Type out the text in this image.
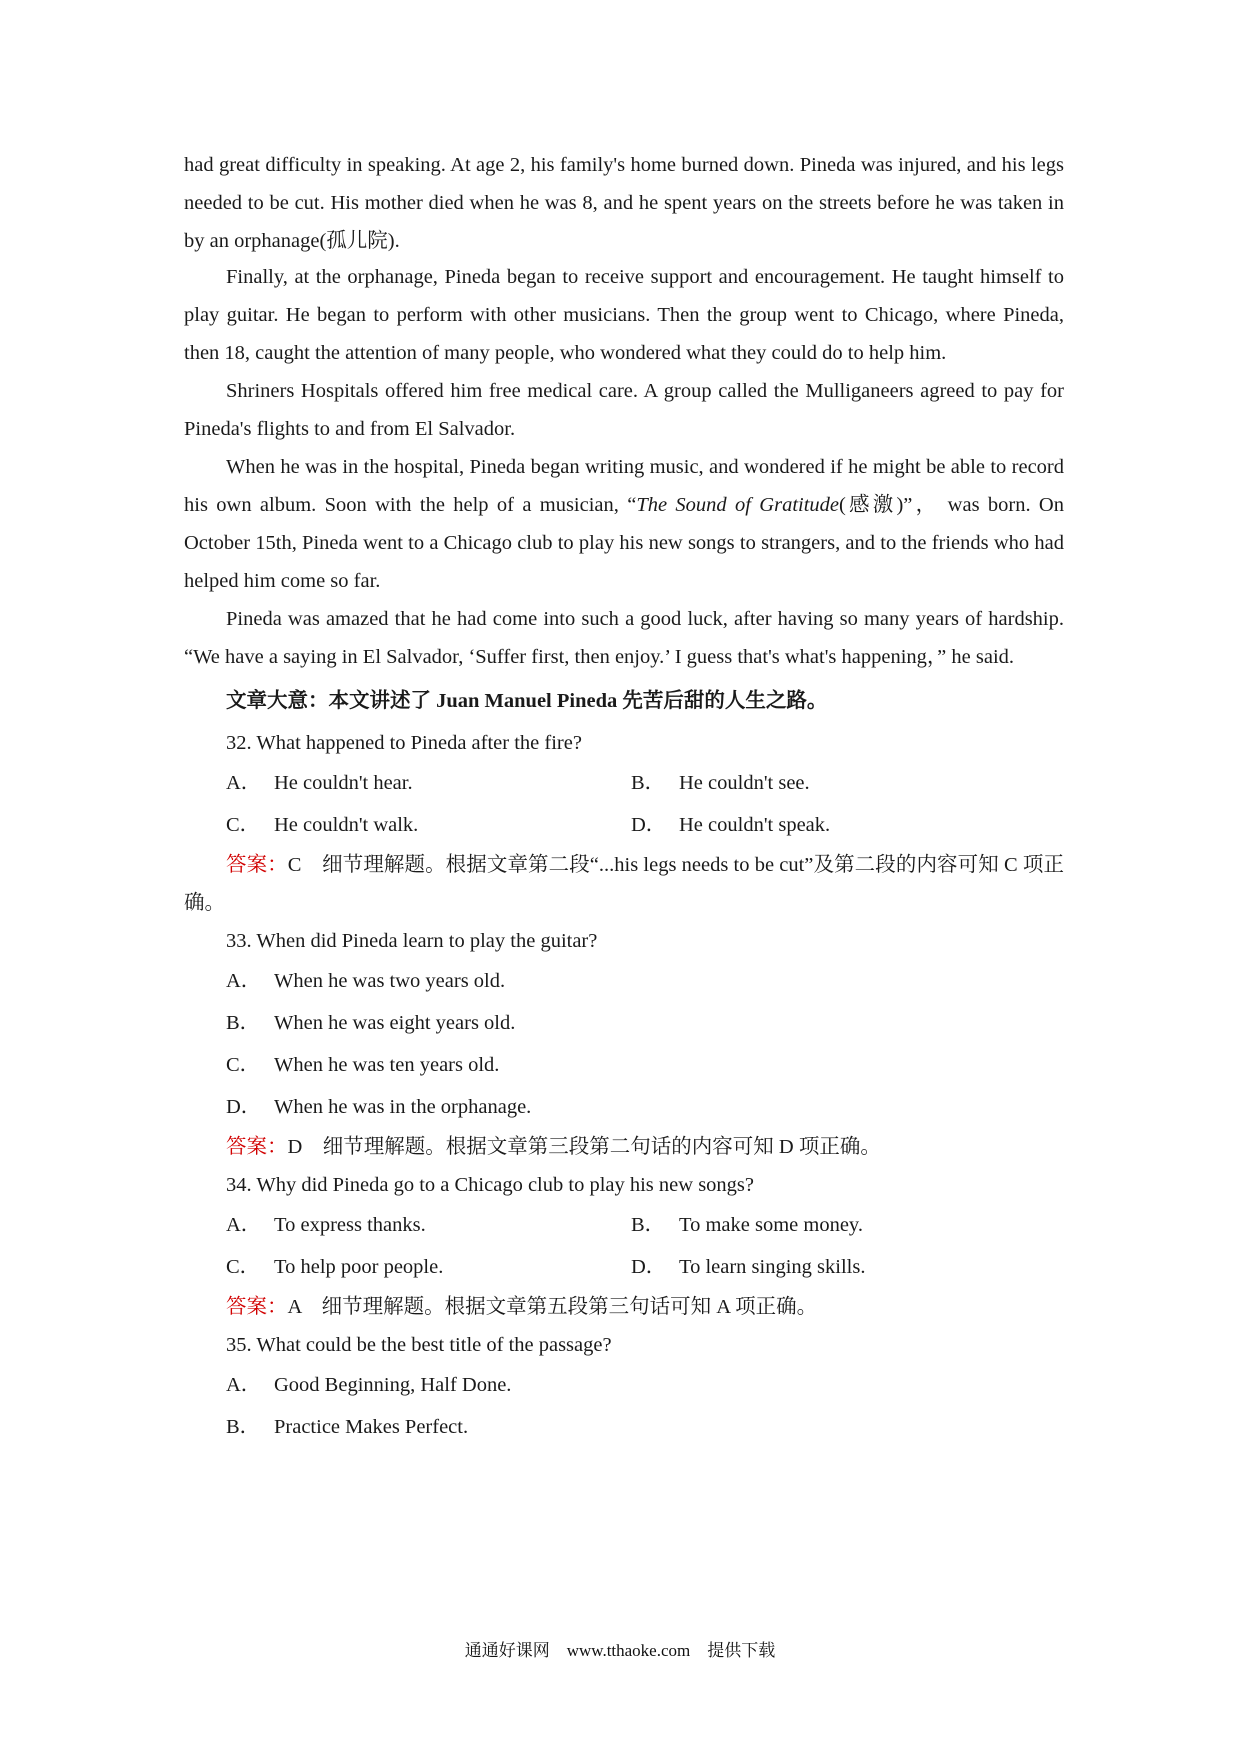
had great difficulty in speaking. At age 2, his family's home burned down. Pineda was injured, and his legs needed to be cut. His mother died when he was 8, and he spent years on the streets before he was taken in by an orphanage(孤儿院).

Finally, at the orphanage, Pineda began to receive support and encouragement. He taught himself to play guitar. He began to perform with other musicians. Then the group went to Chicago, where Pineda, then 18, caught the attention of many people, who wondered what they could do to help him.

Shriners Hospitals offered him free medical care. A group called the Mulliganeers agreed to pay for Pineda's flights to and from El Salvador.

When he was in the hospital, Pineda began writing music, and wondered if he might be able to record his own album. Soon with the help of a musician, “The Sound of Gratitude(感激)”， was born. On October 15th, Pineda went to a Chicago club to play his new songs to strangers, and to the friends who had helped him come so far.

Pineda was amazed that he had come into such a good luck, after having so many years of hardship. “We have a saying in El Salvador, ‘Suffer first, then enjoy.’ I guess that's what's happening，” he said.

文章大意：本文讲述了 Juan Manuel Pineda 先苦后甜的人生之路。

32. What happened to Pineda after the fire?

A． He couldn't hear.	B． He couldn't see.
C． He couldn't walk.	D． He couldn't speak.

答案：C　细节理解题。根据文章第二段“...his legs needs to be cut”及第二段的内容可知 C 项正确。

33. When did Pineda learn to play the guitar?

A． When he was two years old.
B． When he was eight years old.
C． When he was ten years old.
D． When he was in the orphanage.

答案：D　细节理解题。根据文章第三段第二句话的内容可知 D 项正确。

34. Why did Pineda go to a Chicago club to play his new songs?

A． To express thanks.	B． To make some money.
C． To help poor people.	D． To learn singing skills.

答案：A　细节理解题。根据文章第五段第三句话可知 A 项正确。

35. What could be the best title of the passage?

A． Good Beginning, Half Done.
B． Practice Makes Perfect.
通通好课网　www.tthaoke.com　提供下载
